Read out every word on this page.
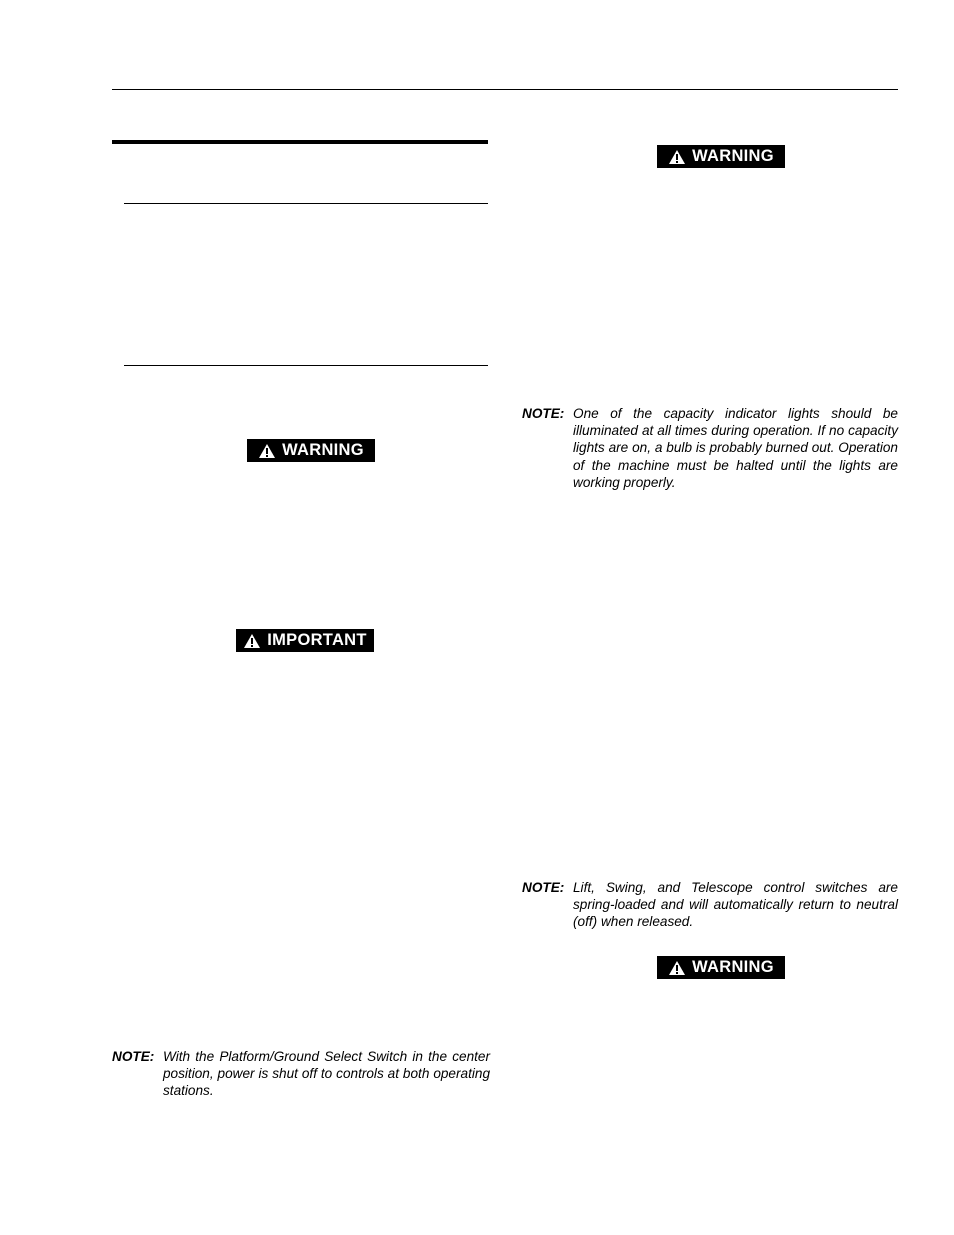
WARNING
WARNING
IMPORTANT
WARNING
NOTE: One of the capacity indicator lights should be illuminated at all times during operation. If no capacity lights are on, a bulb is probably burned out. Operation of the machine must be halted until the lights are working properly.
NOTE: Lift, Swing, and Telescope control switches are spring-loaded and will automatically return to neutral (off) when released.
NOTE: With the Platform/Ground Select Switch in the center position, power is shut off to controls at both operating stations.
